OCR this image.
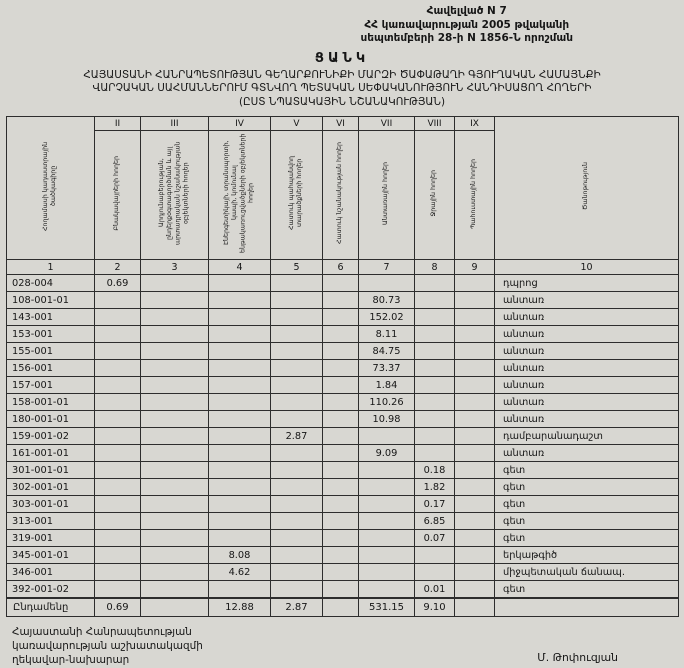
Հավելված N 7
ՀՀ կառավարության 2005 թվականի
սեպտեմբերի 28-ի N 1856-Ն որոշման
ՑԱՆԿ
ՀԱՅԱՍՏԱՆԻ ՀԱՆՐԱՊԵՏՈՒԹՅԱՆ ԳԵՂԱՐՔՈՒՆԻՔԻ ՄԱՐԶԻ ԾԱՓԱԹԱՂԻ ԳՅՈՒՂԱԿԱՆ ՀԱՄԱՅՆՔԻ
ՎԱՐՉԱԿԱՆ ՍԱՀՄԱՆՆԵՐՈՒՄ ԳՏՆՎՈՂ ՊԵՏԱԿԱՆ ՍԵՓԱԿԱՆՈՒԹՅՈՒՆ ՀԱՆԴԻՍԱՑՈՂ ՀՈՂԵՐԻ
(ԸՍՏ ՆՊԱՏԱԿԱՅԻՆ ՆՇԱՆԱԿՈՒԹՅԱՆ)
Հողամասի կադաստրային ծածկագիրը	II	III	IV	V	VI	VII	VIII	IX	Ծանոթություն
	Բնակավայրերի հողեր	Արդյունաբերության, ընդերքօգտագործման և այլ արտադրական նշանակության օբյեկտների հողեր	Էներգետիկայի, տրանսպորտի, կապի, կոմունալ ենթակառուցվածքների օբյեկտների հողեր	Հատուկ պահպանվող տարածքների հողեր	Հատուկ նշանակության հողեր	Անտառային հողեր	Ջրային հողեր	Պահուստային հողեր	
1	2	3	4	5	6	7	8	9	10
028-004	0.69								դպրոց
108-001-01						80.73			անտառ
143-001						152.02			անտառ
153-001						8.11			անտառ
155-001						84.75			անտառ
156-001						73.37			անտառ
157-001						1.84			անտառ
158-001-01						110.26			անտառ
180-001-01						10.98			անտառ
159-001-02				2.87					դամբարանադաշտ
161-001-01						9.09			անտառ
301-001-01							0.18		գետ
302-001-01							1.82		գետ
303-001-01							0.17		գետ
313-001							6.85		գետ
319-001							0.07		գետ
345-001-01			8.08						երկաթգիծ
346-001			4.62						միջպետական ճանապ.
392-001-02							0.01		գետ
Ընդամենը	0.69		12.88	2.87		531.15	9.10		
Հայաստանի Հանրապետության
կառավարության աշխատակազմի
ղեկավար-նախարար	Մ. Թոփուզյան
